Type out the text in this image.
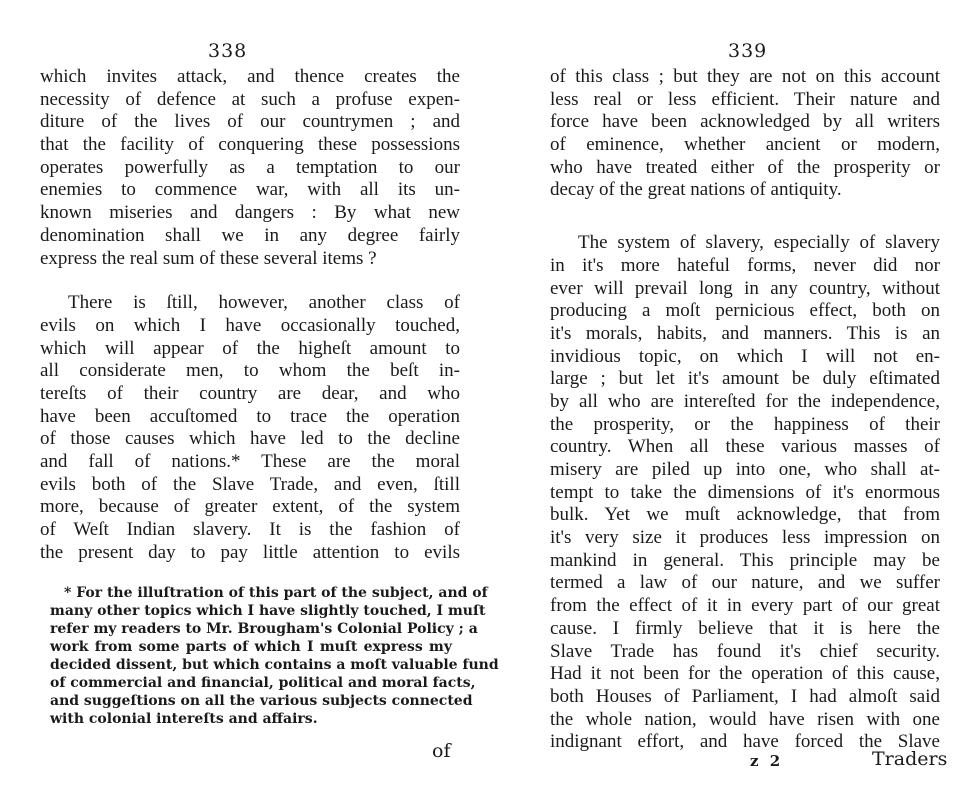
338
which invites attack, and thence creates the
necessity of defence at such a profuse expen-
diture of the lives of our countrymen ; and
that the facility of conquering these possessions
operates powerfully as a temptation to our
enemies to commence war, with all its un-
known miseries and dangers : By what new
denomination shall we in any degree fairly
express the real sum of these several items ?
There is ſtill, however, another class of
evils on which I have occasionally touched,
which will appear of the higheſt amount to
all considerate men, to whom the beſt in-
tereſts of their country are dear, and who
have been accuſtomed to trace the operation
of those causes which have led to the decline
and fall of nations.* These are the moral
evils both of the Slave Trade, and even, ſtill
more, because of greater extent, of the system
of Weſt Indian slavery. It is the fashion of
the present day to pay little attention to evils
* For the illuſtration of this part of the subject, and of
many other topics which I have slightly touched, I muſt
refer my readers to Mr. Brougham's Colonial Policy ; a
work from some parts of which I muſt express my
decided dissent, but which contains a moſt valuable fund
of commercial and financial, political and moral facts,
and suggeſtions on all the various subjects connected
with colonial intereſts and affairs.
of
339
of this class ; but they are not on this account
less real or less efficient. Their nature and
force have been acknowledged by all writers
of eminence, whether ancient or modern,
who have treated either of the prosperity or
decay of the great nations of antiquity.
The system of slavery, especially of slavery
in it's more hateful forms, never did nor
ever will prevail long in any country, without
producing a moſt pernicious effect, both on
it's morals, habits, and manners. This is an
invidious topic, on which I will not en-
large ; but let it's amount be duly eſtimated
by all who are intereſted for the independence,
the prosperity, or the happiness of their
country. When all these various masses of
misery are piled up into one, who shall at-
tempt to take the dimensions of it's enormous
bulk. Yet we muſt acknowledge, that from
it's very size it produces less impression on
mankind in general. This principle may be
termed a law of our nature, and we suffer
from the effect of it in every part of our great
cause. I firmly believe that it is here the
Slave Trade has found it's chief security.
Had it not been for the operation of this cause,
both Houses of Parliament, I had almoſt said
the whole nation, would have risen with one
indignant effort, and have forced the Slave
z 2	Traders
